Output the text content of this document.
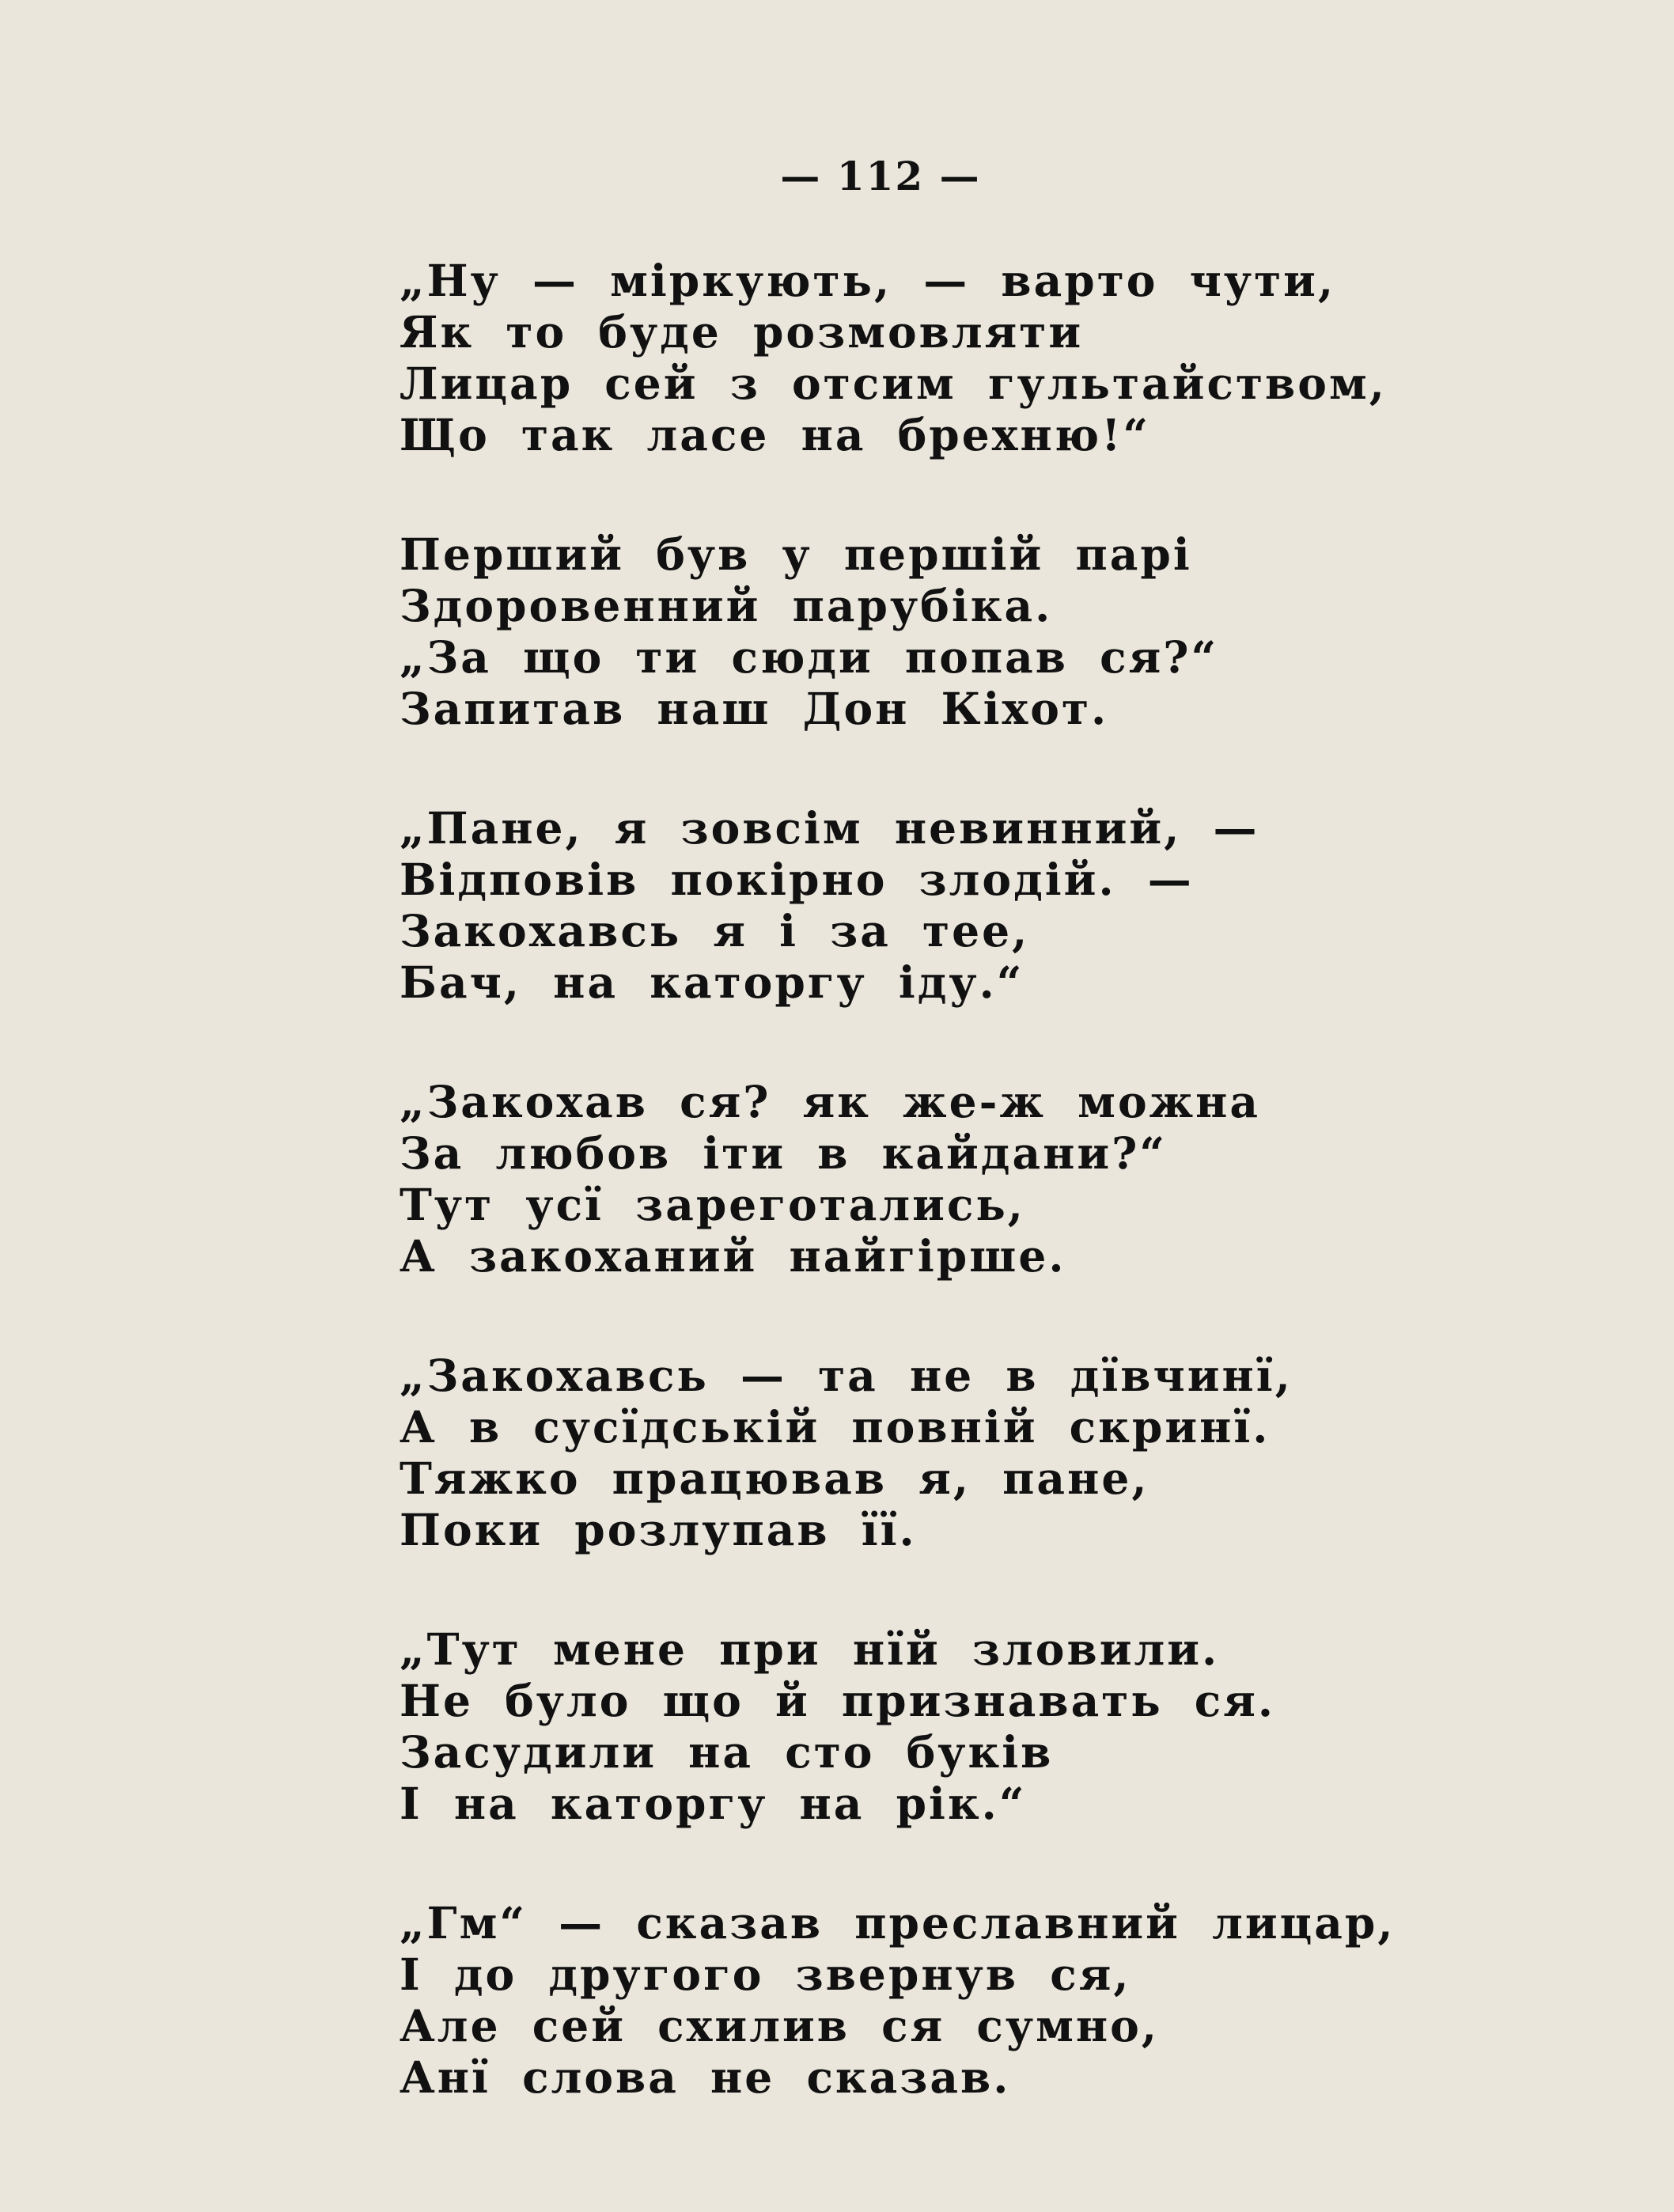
— 112 —
„Ну — міркують, — варто чути,
Як то буде розмовляти
Лицар сей з отсим гультайством,
Що так ласе на брехню!“
Перший був у першій парі
Здоровенний парубіка.
„За що ти сюди попав ся?“
Запитав наш Дон Кіхот.
„Пане, я зовсім невинний, —
Відповів покірно злодій. —
Закохавсь я і за тее,
Бач, на каторгу іду.“
„Закохав ся? як же-ж можна
За любов іти в кайдани?“
Тут усї зареготались,
А закоханий найгірше.
„Закохавсь — та не в дївчинї,
А в сусїдській повній скринї.
Тяжко працював я, пане,
Поки розлупав її.
„Тут мене при нїй зловили.
Не було що й признавать ся.
Засудили на сто буків
І на каторгу на рік.“
„Гм“ — сказав преславний лицар,
І до другого звернув ся,
Але сей схилив ся сумно,
Анї слова не сказав.
